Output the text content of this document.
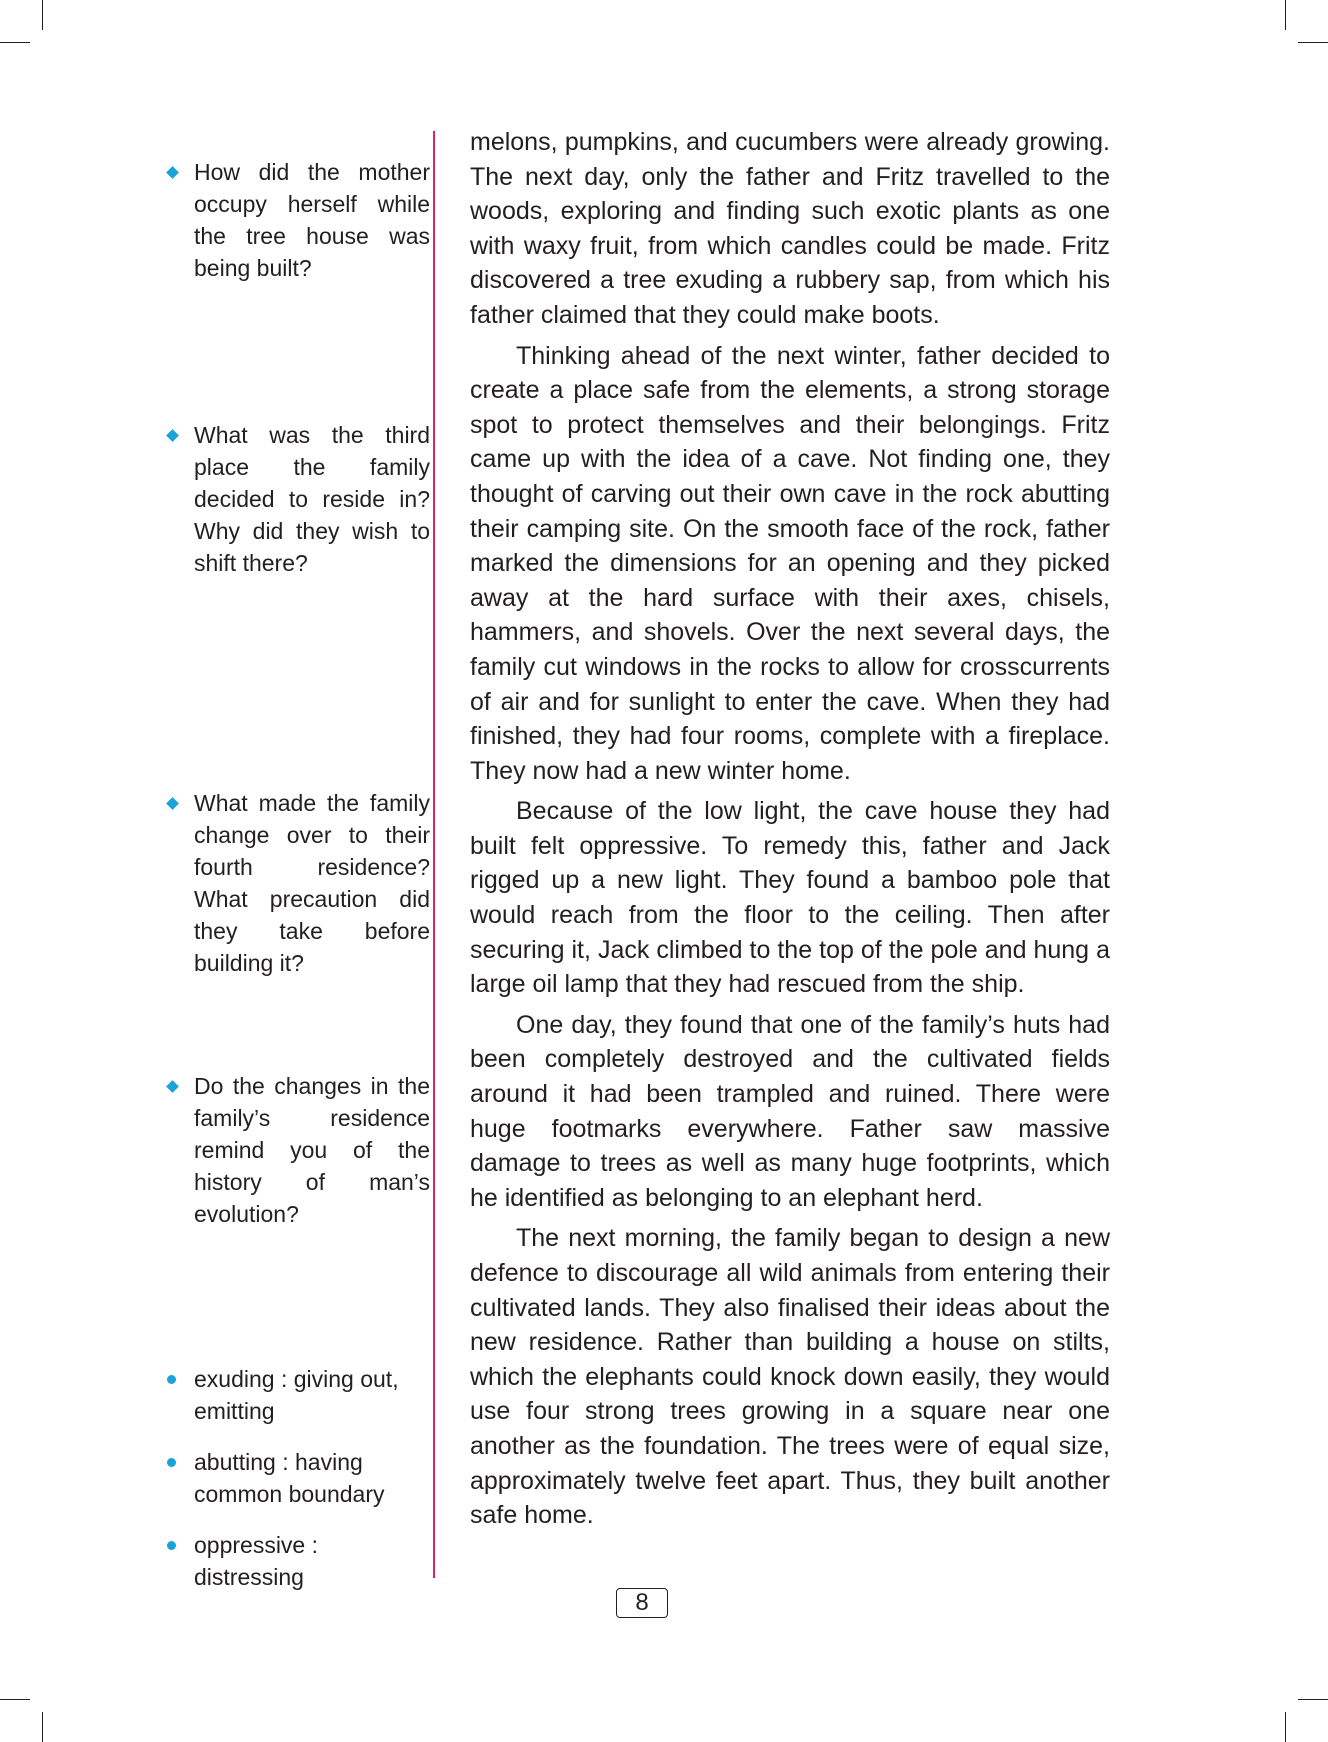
How did the mother occupy herself while the tree house was being built?
What was the third place the family decided to reside in? Why did they wish to shift there?
What made the family change over to their fourth residence? What precaution did they take before building it?
Do the changes in the family’s residence remind you of the history of man’s evolution?
exuding : giving out, emitting
abutting : having common boundary
oppressive : distressing

melons, pumpkins, and cucumbers were already growing. The next day, only the father and Fritz travelled to the woods, exploring and finding such exotic plants as one with waxy fruit, from which candles could be made. Fritz discovered a tree exuding a rubbery sap, from which his father claimed that they could make boots.

Thinking ahead of the next winter, father decided to create a place safe from the elements, a strong storage spot to protect themselves and their belongings. Fritz came up with the idea of a cave. Not finding one, they thought of carving out their own cave in the rock abutting their camping site. On the smooth face of the rock, father marked the dimensions for an opening and they picked away at the hard surface with their axes, chisels, hammers, and shovels. Over the next several days, the family cut windows in the rocks to allow for crosscurrents of air and for sunlight to enter the cave. When they had finished, they had four rooms, complete with a fireplace. They now had a new winter home.

Because of the low light, the cave house they had built felt oppressive. To remedy this, father and Jack rigged up a new light. They found a bamboo pole that would reach from the floor to the ceiling. Then after securing it, Jack climbed to the top of the pole and hung a large oil lamp that they had rescued from the ship.

One day, they found that one of the family’s huts had been completely destroyed and the cultivated fields around it had been trampled and ruined. There were huge footmarks everywhere. Father saw massive damage to trees as well as many huge footprints, which he identified as belonging to an elephant herd.

The next morning, the family began to design a new defence to discourage all wild animals from entering their cultivated lands. They also finalised their ideas about the new residence. Rather than building a house on stilts, which the elephants could knock down easily, they would use four strong trees growing in a square near one another as the foundation. The trees were of equal size, approximately twelve feet apart. Thus, they built another safe home.

8
